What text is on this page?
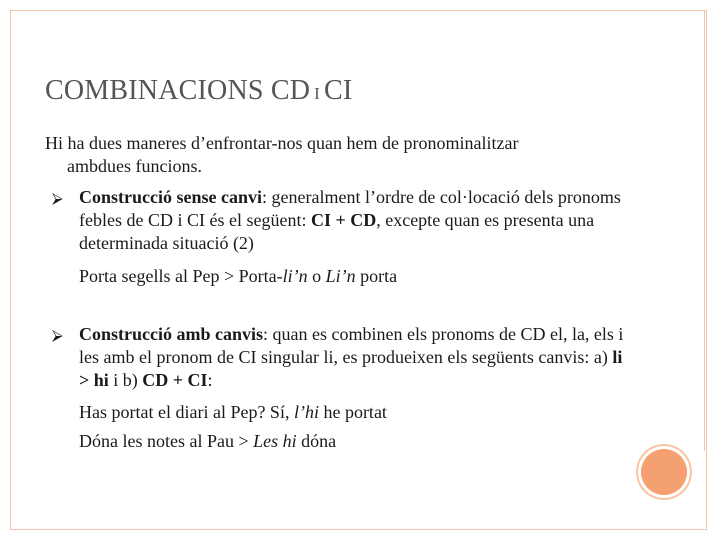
COMBINACIONS CD I CI
Hi ha dues maneres d’enfrontar-nos quan hem de pronominalitzar
ambdues funcions.
⮚ Construcció sense canvi: generalment l’ordre de col·locació dels pronoms febles de CD i CI és el següent: CI + CD, excepte quan es presenta una determinada situació (2)
Porta segells al Pep > Porta-li’n o Li’n porta
⮚ Construcció amb canvis: quan es combinen els pronoms de CD el, la, els i les amb el pronom de CI singular li, es produeixen els següents canvis: a) li > hi i b) CD + CI:
Has portat el diari al Pep? Sí, l’hi he portat
Dóna les notes al Pau > Les hi dóna
